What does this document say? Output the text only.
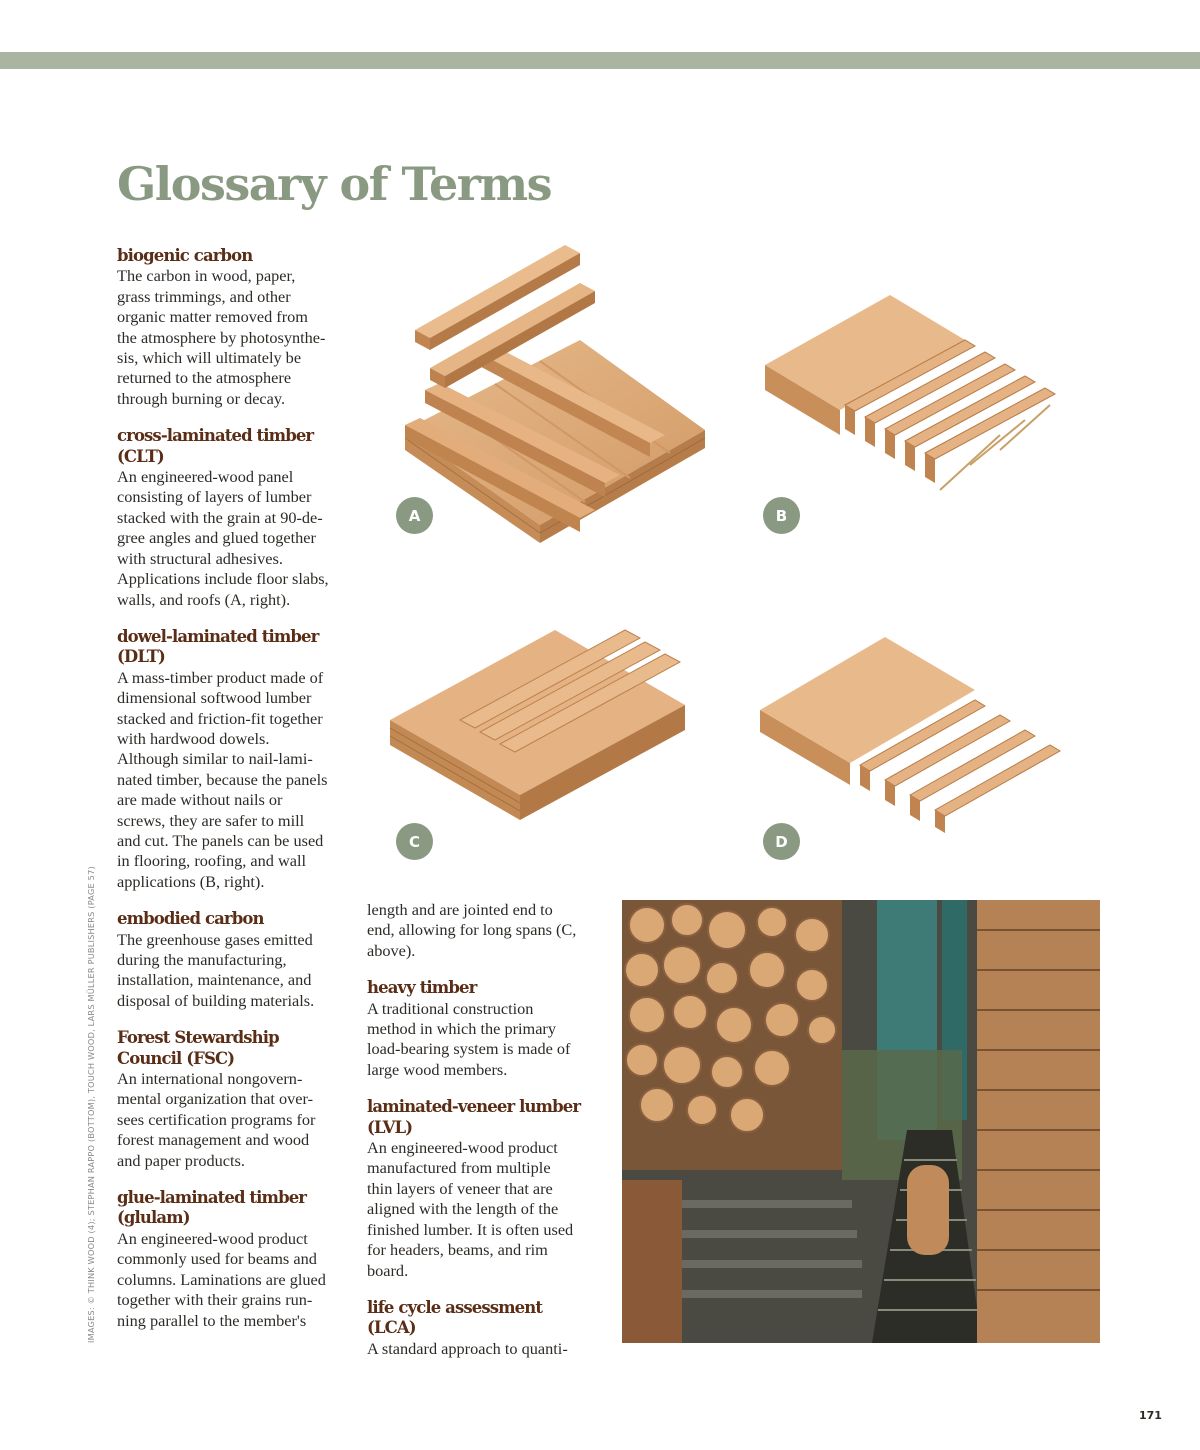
Glossary of Terms
biogenic carbon
The carbon in wood, paper,
grass trimmings, and other
organic matter removed from
the atmosphere by photosynthe-
sis, which will ultimately be
returned to the atmosphere
through burning or decay.
cross-laminated timber
(CLT)
An engineered-wood panel
consisting of layers of lumber
stacked with the grain at 90-de-
gree angles and glued together
with structural adhesives.
Applications include floor slabs,
walls, and roofs (A, right).
dowel-laminated timber
(DLT)
A mass-timber product made of
dimensional softwood lumber
stacked and friction-fit together
with hardwood dowels.
Although similar to nail-lami-
nated timber, because the panels
are made without nails or
screws, they are safer to mill
and cut. The panels can be used
in flooring, roofing, and wall
applications (B, right).
embodied carbon
The greenhouse gases emitted
during the manufacturing,
installation, maintenance, and
disposal of building materials.
Forest Stewardship
Council (FSC)
An international nongovern-
mental organization that over-
sees certification programs for
forest management and wood
and paper products.
glue-laminated timber
(glulam)
An engineered-wood product
commonly used for beams and
columns. Laminations are glued
together with their grains run-
ning parallel to the member's
length and are jointed end to
end, allowing for long spans (C,
above).
heavy timber
A traditional construction
method in which the primary
load-bearing system is made of
large wood members.
laminated-veneer lumber
(LVL)
An engineered-wood product
manufactured from multiple
thin layers of veneer that are
aligned with the length of the
finished lumber. It is often used
for headers, beams, and rim
board.
life cycle assessment (LCA)
A standard approach to quanti-
A	B
C	D
IMAGES: © THINK WOOD (4); STEPHAN RAPPO (BOTTOM), TOUCH WOOD, LARS MÜLLER PUBLISHERS (PAGE 57)
171
